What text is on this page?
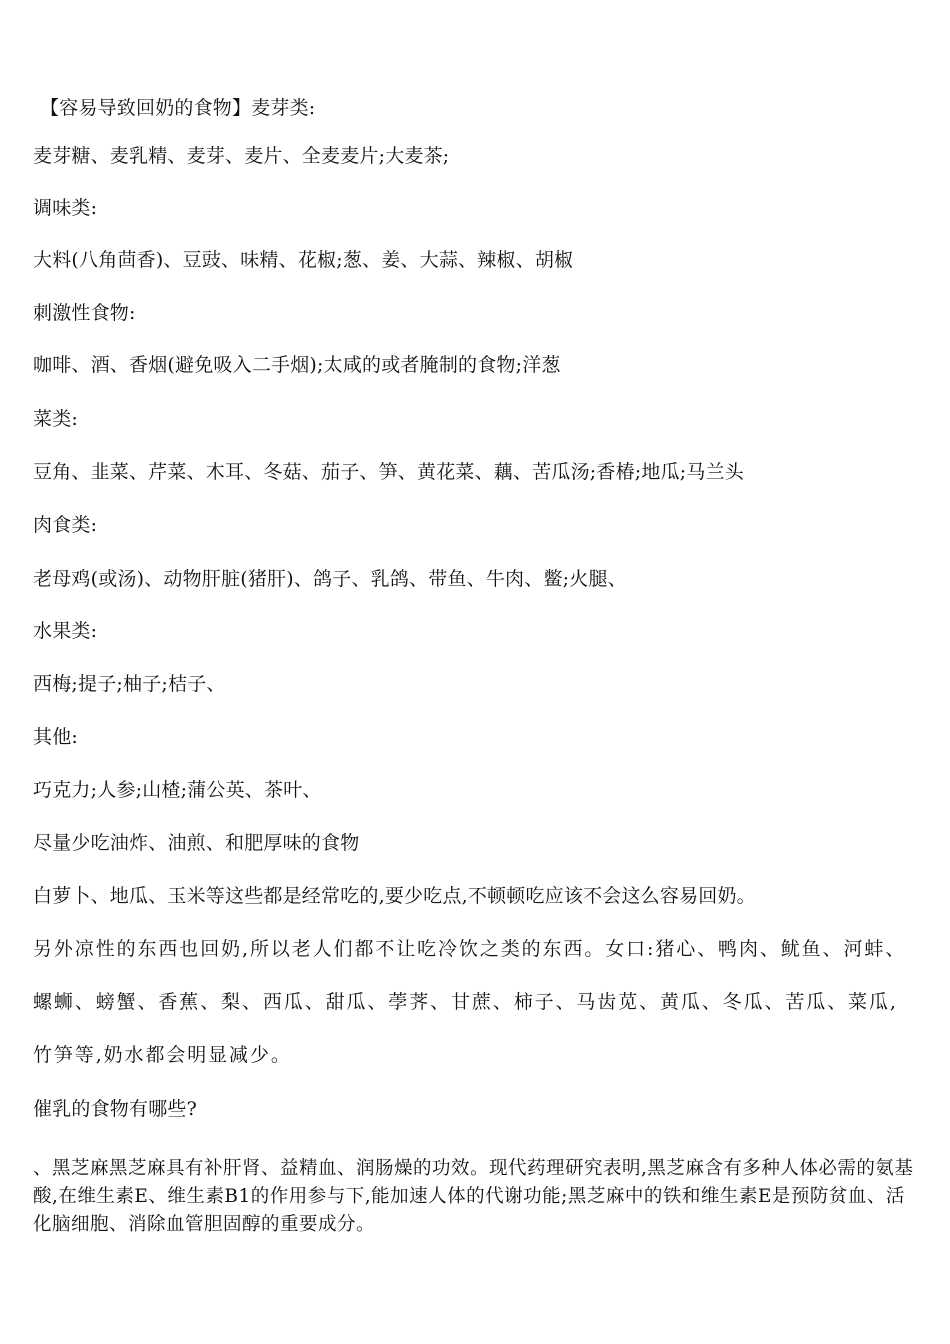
【容易导致回奶的食物】麦芽类:
麦芽糖、麦乳精、麦芽、麦片、全麦麦片;大麦茶;
调味类:
大料(八角茴香)、豆豉、味精、花椒;葱、姜、大蒜、辣椒、胡椒
刺激性食物:
咖啡、酒、香烟(避免吸入二手烟);太咸的或者腌制的食物;洋葱
菜类:
豆角、韭菜、芹菜、木耳、冬菇、茄子、笋、黄花菜、藕、苦瓜汤;香椿;地瓜;马兰头
肉食类:
老母鸡(或汤)、动物肝脏(猪肝)、鸽子、乳鸽、带鱼、牛肉、鳖;火腿、
水果类:
西梅;提子;柚子;桔子、
其他:
巧克力;人参;山楂;蒲公英、茶叶、
尽量少吃油炸、油煎、和肥厚味的食物
白萝卜、地瓜、玉米等这些都是经常吃的,要少吃点,不顿顿吃应该不会这么容易回奶。
另外凉性的东西也回奶,所以老人们都不让吃冷饮之类的东西。女口:猪心、鸭肉、鱿鱼、河蚌、螺蛳、螃蟹、香蕉、梨、西瓜、甜瓜、荸荠、甘蔗、柿子、马齿苋、黄瓜、冬瓜、苦瓜、菜瓜,竹笋等,奶水都会明显减少。
催乳的食物有哪些?
、黑芝麻黑芝麻具有补肝肾、益精血、润肠燥的功效。现代药理研究表明,黑芝麻含有多种人体必需的氨基酸,在维生素E、维生素B1的作用参与下,能加速人体的代谢功能;黑芝麻中的铁和维生素E是预防贫血、活化脑细胞、消除血管胆固醇的重要成分。
